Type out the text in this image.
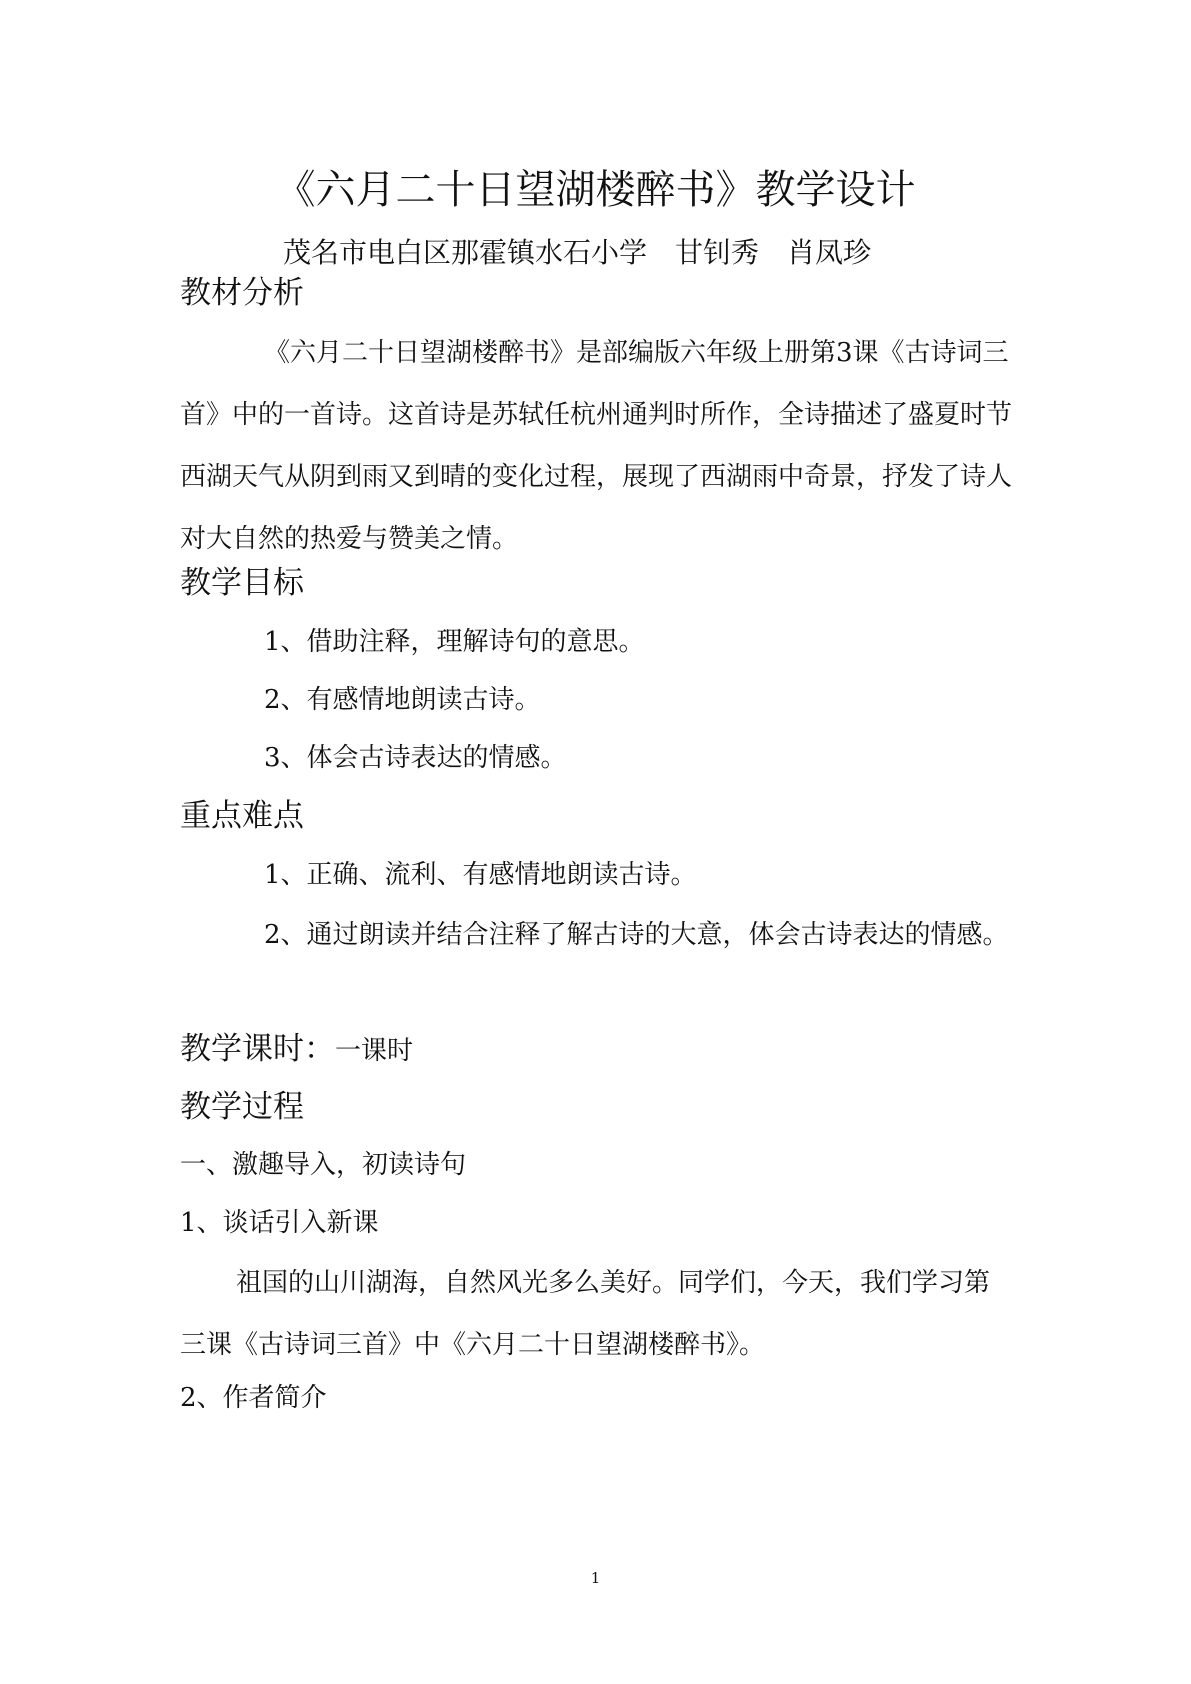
《六月二十日望湖楼醉书》教学设计
茂名市电白区那霍镇水石小学　甘钊秀　肖凤珍
教材分析
《六月二十日望湖楼醉书》是部编版六年级上册第3课《古诗词三首》中的一首诗。这首诗是苏轼任杭州通判时所作，全诗描述了盛夏时节西湖天气从阴到雨又到晴的变化过程，展现了西湖雨中奇景，抒发了诗人对大自然的热爱与赞美之情。
教学目标
1、借助注释，理解诗句的意思。
2、有感情地朗读古诗。
3、体会古诗表达的情感。
重点难点
1、正确、流利、有感情地朗读古诗。
2、通过朗读并结合注释了解古诗的大意，体会古诗表达的情感。
教学课时：一课时
教学过程
一、激趣导入，初读诗句
1、谈话引入新课
祖国的山川湖海，自然风光多么美好。同学们，今天，我们学习第三课《古诗词三首》中《六月二十日望湖楼醉书》。
2、作者简介
1
